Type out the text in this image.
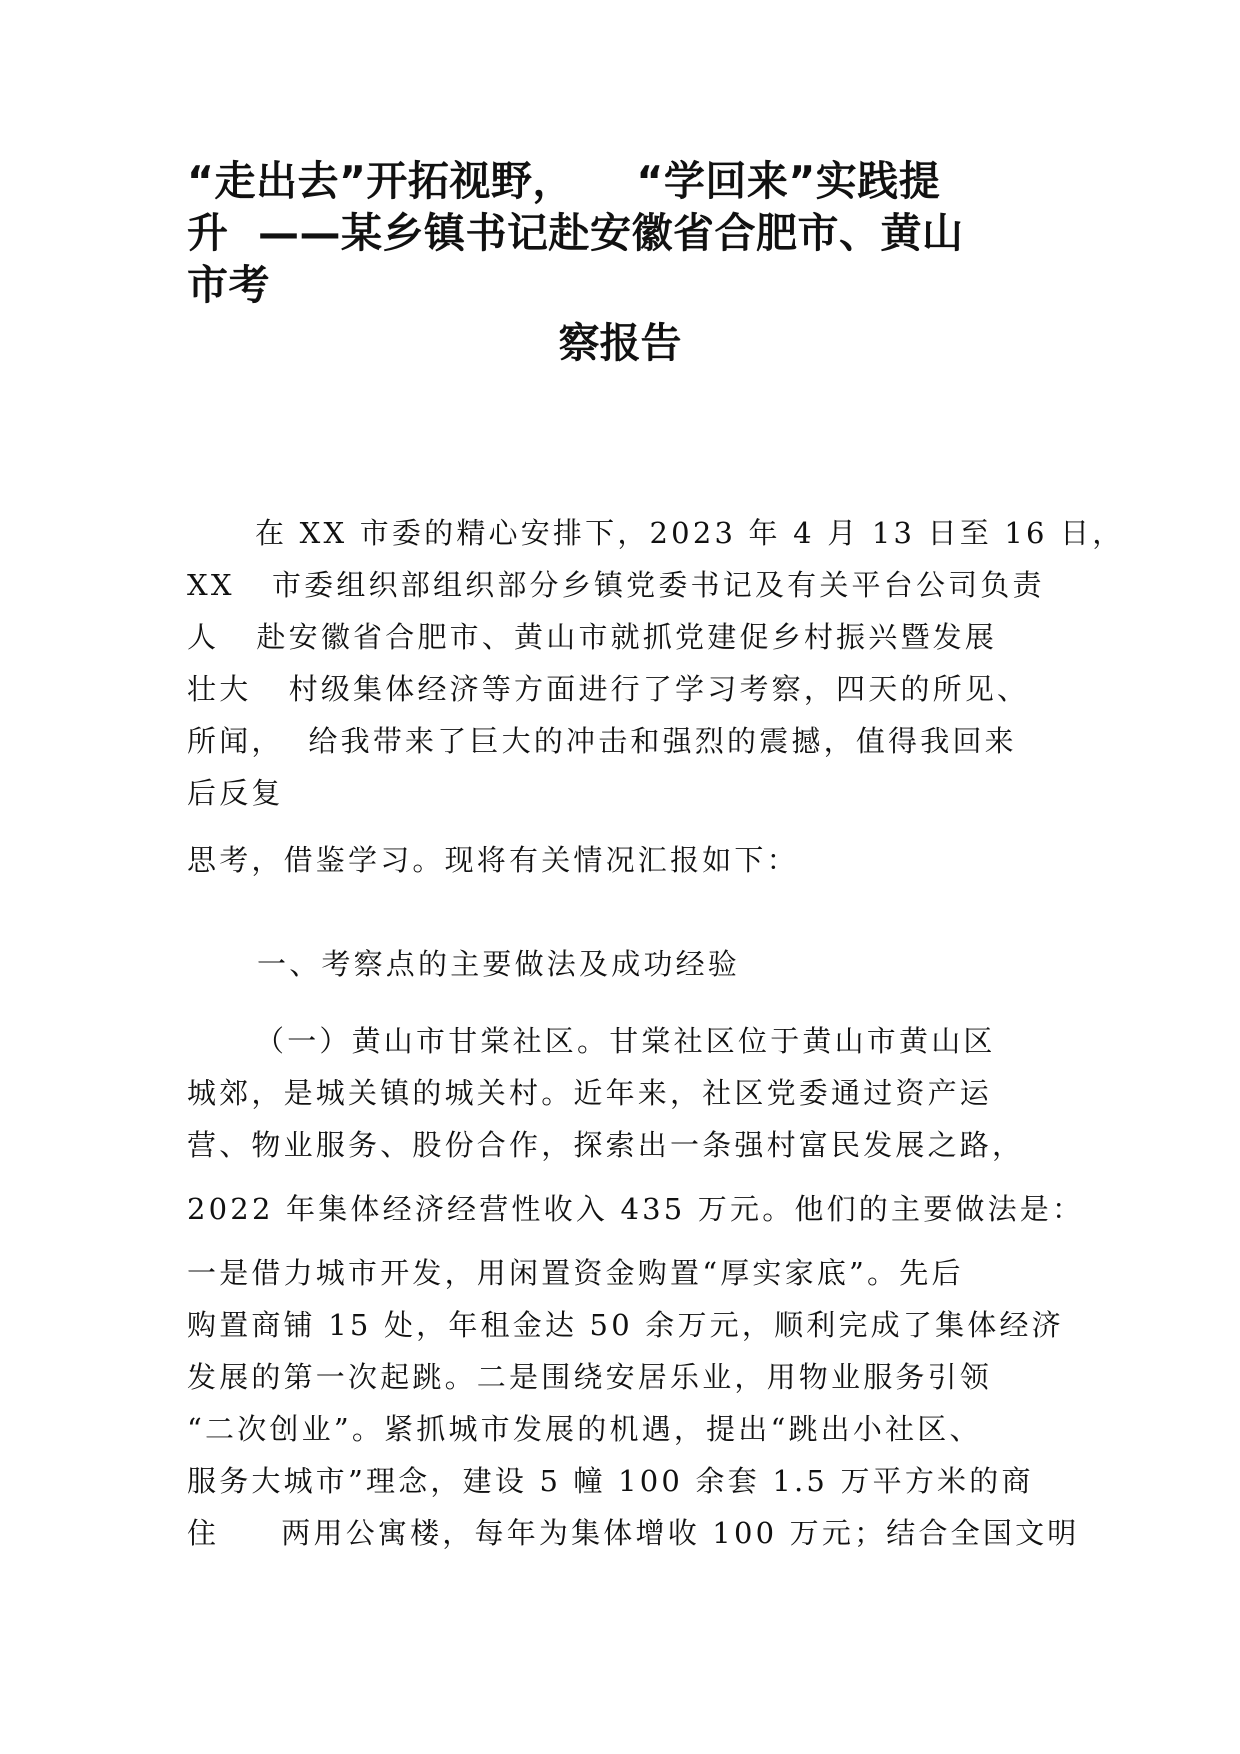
“走出去”开拓视野，　　“学回来”实践提
升  ——某乡镇书记赴安徽省合肥市、黄山
市考
察报告
在 XX 市委的精心安排下，2023 年 4 月 13 日至 16 日，
XX   市委组织部组织部分乡镇党委书记及有关平台公司负责
人   赴安徽省合肥市、黄山市就抓党建促乡村振兴暨发展
壮大   村级集体经济等方面进行了学习考察，四天的所见、
所闻，  给我带来了巨大的冲击和强烈的震撼，值得我回来
后反复
思考，借鉴学习。现将有关情况汇报如下：
一、考察点的主要做法及成功经验
（一）黄山市甘棠社区。甘棠社区位于黄山市黄山区
城郊，是城关镇的城关村。近年来，社区党委通过资产运
营、物业服务、股份合作，探索出一条强村富民发展之路，
2022 年集体经济经营性收入 435 万元。他们的主要做法是：
一是借力城市开发，用闲置资金购置“厚实家底”。先后
购置商铺 15 处，年租金达 50 余万元，顺利完成了集体经济
发展的第一次起跳。二是围绕安居乐业，用物业服务引领
“二次创业”。紧抓城市发展的机遇，提出“跳出小社区、
服务大城市”理念，建设 5 幢 100 余套 1.5 万平方米的商
住     两用公寓楼，每年为集体增收 100 万元；结合全国文明
